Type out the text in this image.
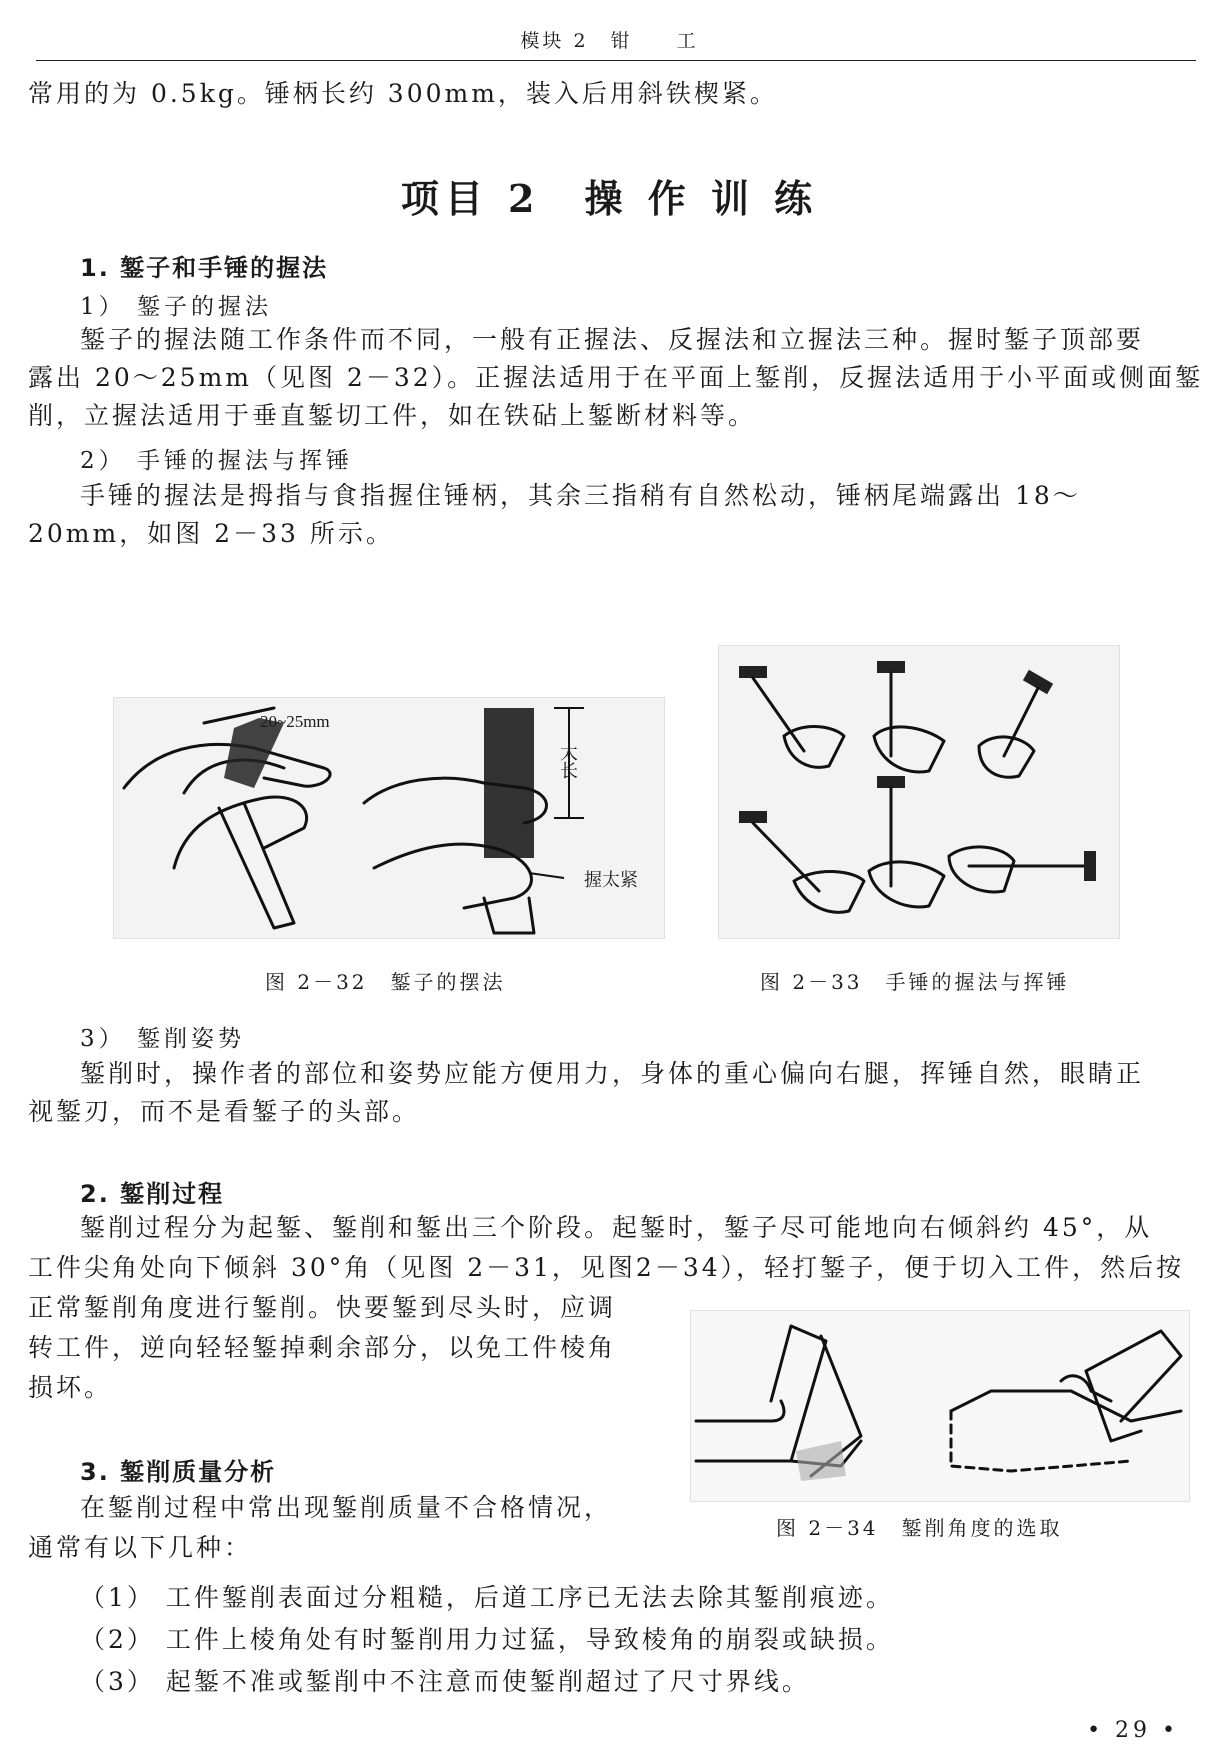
模块 2　钳　　工
常用的为 0.5kg。锤柄长约 300mm，装入后用斜铁楔紧。
项目 2　操 作 训 练
1. 錾子和手锤的握法
1） 錾子的握法
錾子的握法随工作条件而不同，一般有正握法、反握法和立握法三种。握时錾子顶部要
露出 20～25mm（见图 2－32）。正握法适用于在平面上錾削，反握法适用于小平面或侧面錾
削，立握法适用于垂直錾切工件，如在铁砧上錾断材料等。
2） 手锤的握法与挥锤
手锤的握法是拇指与食指握住锤柄，其余三指稍有自然松动，锤柄尾端露出 18～
20mm，如图 2－33 所示。
20~25mm
太长
握太紧
图 2－32　錾子的摆法	图 2－33　手锤的握法与挥锤
3） 錾削姿势
錾削时，操作者的部位和姿势应能方便用力，身体的重心偏向右腿，挥锤自然，眼睛正
视錾刃，而不是看錾子的头部。
2. 錾削过程
錾削过程分为起錾、錾削和錾出三个阶段。起錾时，錾子尽可能地向右倾斜约 45°，从
工件尖角处向下倾斜 30°角（见图 2－31，见图2－34），轻打錾子，便于切入工件，然后按
正常錾削角度进行錾削。快要錾到尽头时，应调
转工件，逆向轻轻錾掉剩余部分，以免工件棱角
损坏。
图 2－34　錾削角度的选取
3. 錾削质量分析
在錾削过程中常出现錾削质量不合格情况，
通常有以下几种：
（1） 工件錾削表面过分粗糙，后道工序已无法去除其錾削痕迹。
（2） 工件上棱角处有时錾削用力过猛，导致棱角的崩裂或缺损。
（3） 起錾不准或錾削中不注意而使錾削超过了尺寸界线。
• 29 •
